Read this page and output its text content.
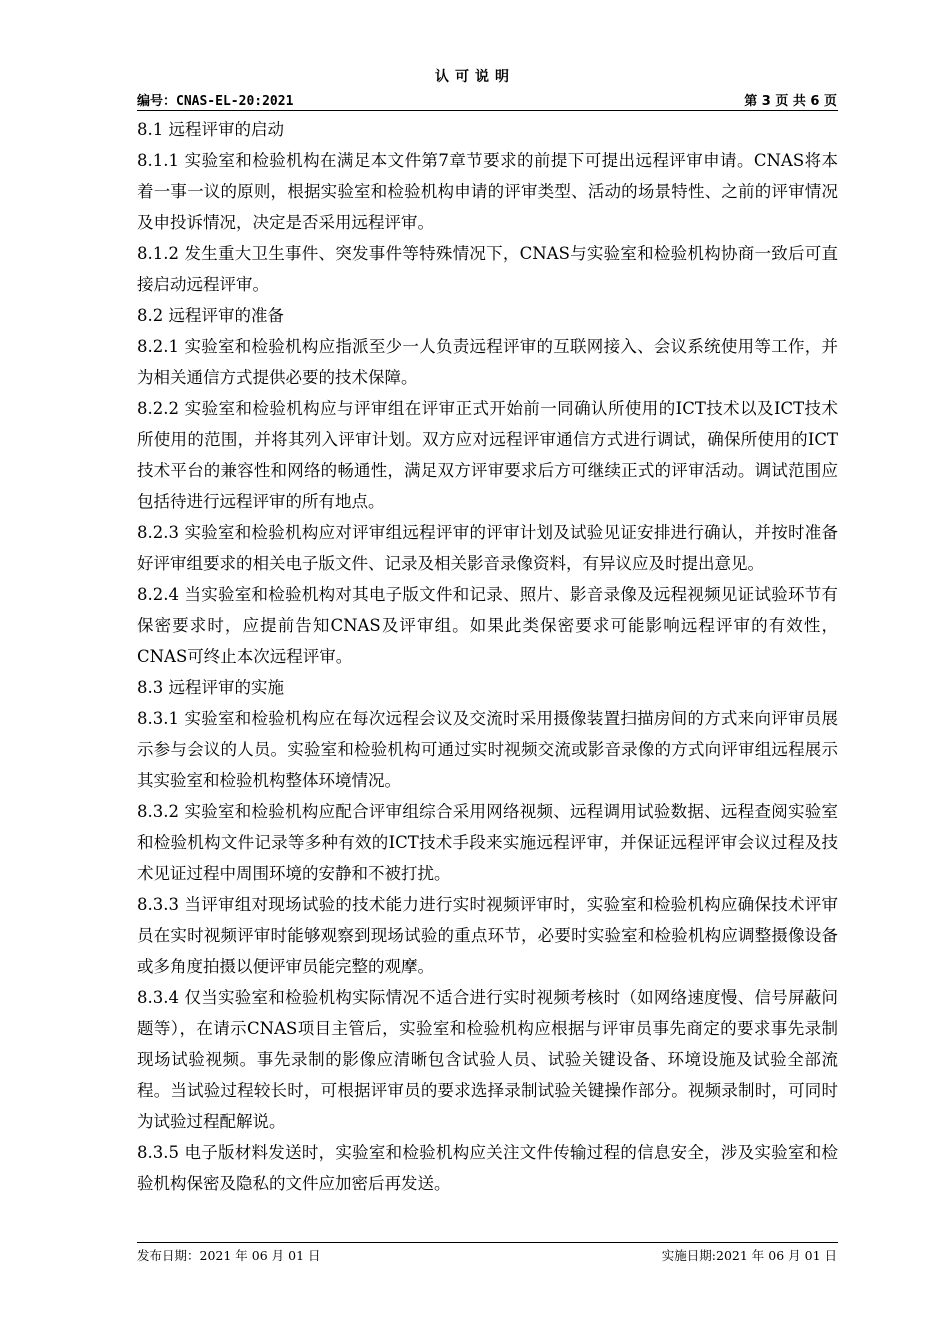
认可说明
编号：CNAS-EL-20:2021	第 3 页 共 6 页

8.1 远程评审的启动

8.1.1 实验室和检验机构在满足本文件第7章节要求的前提下可提出远程评审申请。CNAS将本着一事一议的原则，根据实验室和检验机构申请的评审类型、活动的场景特性、之前的评审情况及申投诉情况，决定是否采用远程评审。

8.1.2 发生重大卫生事件、突发事件等特殊情况下，CNAS与实验室和检验机构协商一致后可直接启动远程评审。

8.2 远程评审的准备

8.2.1 实验室和检验机构应指派至少一人负责远程评审的互联网接入、会议系统使用等工作，并为相关通信方式提供必要的技术保障。

8.2.2 实验室和检验机构应与评审组在评审正式开始前一同确认所使用的ICT技术以及ICT技术所使用的范围，并将其列入评审计划。双方应对远程评审通信方式进行调试，确保所使用的ICT技术平台的兼容性和网络的畅通性，满足双方评审要求后方可继续正式的评审活动。调试范围应包括待进行远程评审的所有地点。

8.2.3 实验室和检验机构应对评审组远程评审的评审计划及试验见证安排进行确认，并按时准备好评审组要求的相关电子版文件、记录及相关影音录像资料，有异议应及时提出意见。

8.2.4 当实验室和检验机构对其电子版文件和记录、照片、影音录像及远程视频见证试验环节有保密要求时，应提前告知CNAS及评审组。如果此类保密要求可能影响远程评审的有效性，CNAS可终止本次远程评审。

8.3 远程评审的实施

8.3.1 实验室和检验机构应在每次远程会议及交流时采用摄像装置扫描房间的方式来向评审员展示参与会议的人员。实验室和检验机构可通过实时视频交流或影音录像的方式向评审组远程展示其实验室和检验机构整体环境情况。

8.3.2 实验室和检验机构应配合评审组综合采用网络视频、远程调用试验数据、远程查阅实验室和检验机构文件记录等多种有效的ICT技术手段来实施远程评审，并保证远程评审会议过程及技术见证过程中周围环境的安静和不被打扰。

8.3.3 当评审组对现场试验的技术能力进行实时视频评审时，实验室和检验机构应确保技术评审员在实时视频评审时能够观察到现场试验的重点环节，必要时实验室和检验机构应调整摄像设备或多角度拍摄以便评审员能完整的观摩。

8.3.4 仅当实验室和检验机构实际情况不适合进行实时视频考核时（如网络速度慢、信号屏蔽问题等），在请示CNAS项目主管后，实验室和检验机构应根据与评审员事先商定的要求事先录制现场试验视频。事先录制的影像应清晰包含试验人员、试验关键设备、环境设施及试验全部流程。当试验过程较长时，可根据评审员的要求选择录制试验关键操作部分。视频录制时，可同时为试验过程配解说。

8.3.5 电子版材料发送时，实验室和检验机构应关注文件传输过程的信息安全，涉及实验室和检验机构保密及隐私的文件应加密后再发送。

发布日期：2021 年 06 月 01 日	实施日期:2021 年 06 月 01 日
